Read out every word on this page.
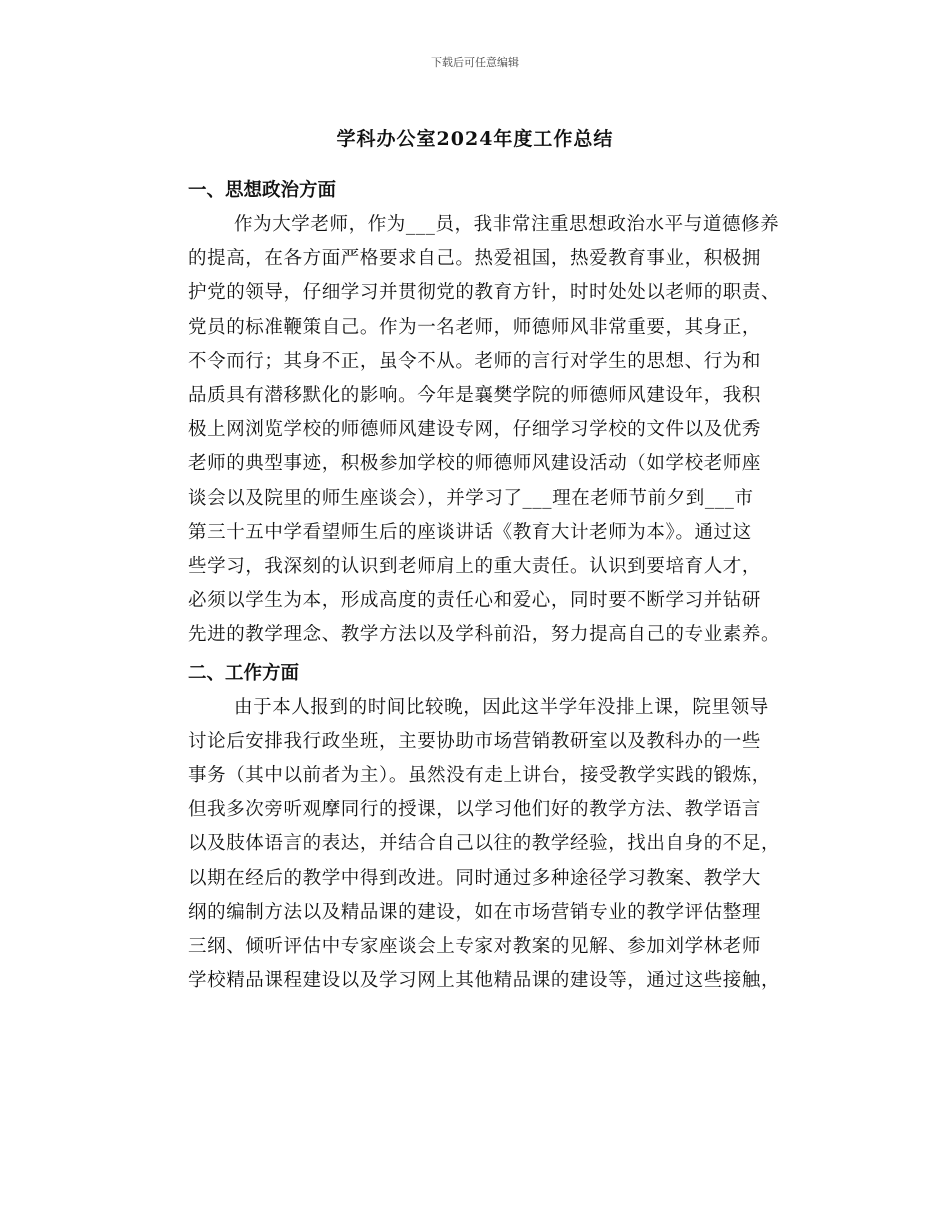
下载后可任意编辑
学科办公室2024年度工作总结
一、思想政治方面
作为大学老师，作为___员，我非常注重思想政治水平与道德修养
的提高，在各方面严格要求自己。热爱祖国，热爱教育事业，积极拥
护党的领导，仔细学习并贯彻党的教育方针，时时处处以老师的职责、
党员的标准鞭策自己。作为一名老师，师德师风非常重要，其身正，
不令而行；其身不正，虽令不从。老师的言行对学生的思想、行为和
品质具有潜移默化的影响。今年是襄樊学院的师德师风建设年，我积
极上网浏览学校的师德师风建设专网，仔细学习学校的文件以及优秀
老师的典型事迹，积极参加学校的师德师风建设活动（如学校老师座
谈会以及院里的师生座谈会），并学习了___理在老师节前夕到___市
第三十五中学看望师生后的座谈讲话《教育大计老师为本》。通过这
些学习，我深刻的认识到老师肩上的重大责任。认识到要培育人才，
必须以学生为本，形成高度的责任心和爱心，同时要不断学习并钻研
先进的教学理念、教学方法以及学科前沿，努力提高自己的专业素养。
二、工作方面
由于本人报到的时间比较晚，因此这半学年没排上课，院里领导
讨论后安排我行政坐班，主要协助市场营销教研室以及教科办的一些
事务（其中以前者为主）。虽然没有走上讲台，接受教学实践的锻炼，
但我多次旁听观摩同行的授课，以学习他们好的教学方法、教学语言
以及肢体语言的表达，并结合自己以往的教学经验，找出自身的不足，
以期在经后的教学中得到改进。同时通过多种途径学习教案、教学大
纲的编制方法以及精品课的建设，如在市场营销专业的教学评估整理
三纲、倾听评估中专家座谈会上专家对教案的见解、参加刘学林老师
学校精品课程建设以及学习网上其他精品课的建设等，通过这些接触，
